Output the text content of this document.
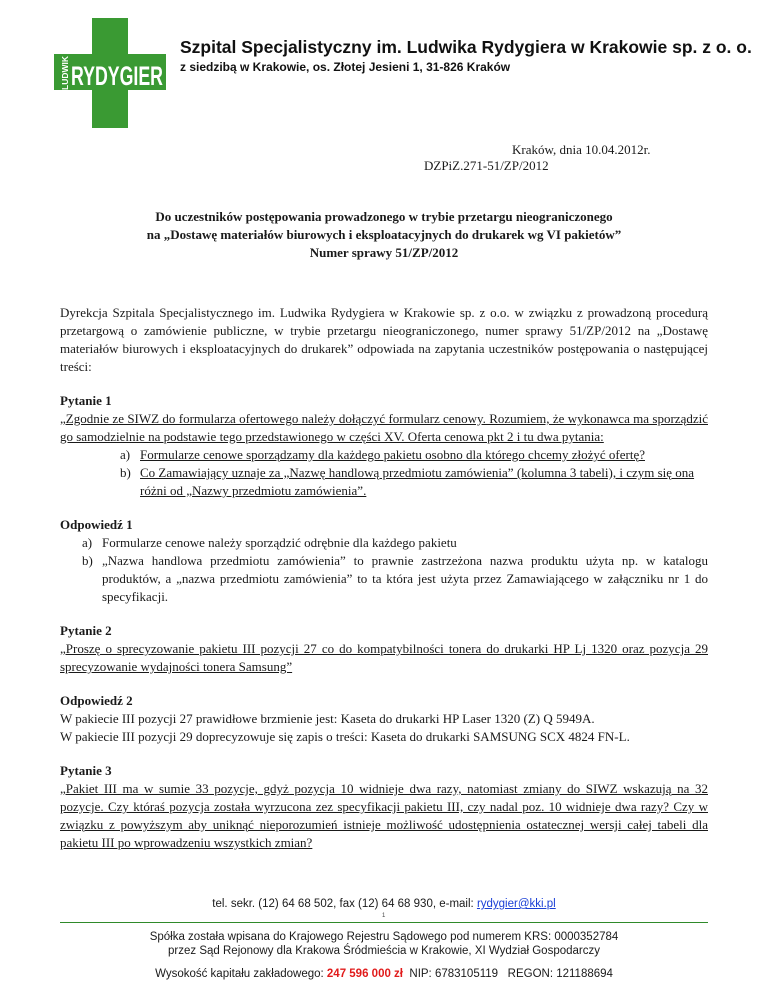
LUDWIK RYDYGIER
Szpital Specjalistyczny im. Ludwika Rydygiera w Krakowie sp. z o. o.
z siedzibą w Krakowie, os. Złotej Jesieni 1, 31-826 Kraków
Kraków, dnia 10.04.2012r.
DZPiZ.271-51/ZP/2012
Do uczestników postępowania prowadzonego w trybie przetargu nieograniczonego
na „Dostawę materiałów biurowych i eksploatacyjnych do drukarek wg VI pakietów”
Numer sprawy 51/ZP/2012

Dyrekcja Szpitala Specjalistycznego im. Ludwika Rydygiera w Krakowie sp. z o.o. w związku z prowadzoną procedurą przetargową o zamówienie publiczne, w trybie przetargu nieograniczonego, numer sprawy 51/ZP/2012 na „Dostawę materiałów biurowych i eksploatacyjnych do drukarek” odpowiada na zapytania uczestników postępowania o następującej treści:

Pytanie 1

„Zgodnie ze SIWZ do formularza ofertowego należy dołączyć formularz cenowy. Rozumiem, że wykonawca ma sporządzić go samodzielnie na podstawie tego przedstawionego w części XV. Oferta cenowa pkt 2 i tu dwa pytania:

a) Formularze cenowe sporządzamy dla każdego pakietu osobno dla którego chcemy złożyć ofertę?
b) Co Zamawiający uznaje za „Nazwę handlową przedmiotu zamówienia” (kolumna 3 tabeli), i czym się ona różni od „Nazwy przedmiotu zamówienia”.

Odpowiedź 1

a) Formularze cenowe należy sporządzić odrębnie dla każdego pakietu
b) „Nazwa handlowa przedmiotu zamówienia” to prawnie zastrzeżona nazwa produktu użyta np. w katalogu produktów, a „nazwa przedmiotu zamówienia” to ta która jest użyta przez Zamawiającego w załączniku nr 1 do specyfikacji.

Pytanie 2

„Proszę o sprecyzowanie pakietu III pozycji 27 co do kompatybilności tonera do drukarki HP Lj 1320 oraz pozycja 29 sprecyzowanie wydajności tonera Samsung”

Odpowiedź 2

W pakiecie III pozycji 27 prawidłowe brzmienie jest: Kaseta do drukarki HP Laser 1320 (Z) Q 5949A.

W pakiecie III pozycji 29 doprecyzowuje się zapis o treści: Kaseta do drukarki SAMSUNG SCX 4824 FN-L.

Pytanie 3

„Pakiet III ma w sumie 33 pozycje, gdyż pozycja 10 widnieje dwa razy, natomiast zmiany do SIWZ wskazują na 32 pozycje. Czy któraś pozycja została wyrzucona zez specyfikacji pakietu III, czy nadal poz. 10 widnieje dwa razy? Czy w związku z powyższym aby uniknąć nieporozumień istnieje możliwość udostępnienia ostatecznej wersji całej tabeli dla pakietu III po wprowadzeniu wszystkich zmian?

tel. sekr. (12) 64 68 502, fax (12) 64 68 930, e-mail: rydygier@kki.pl
1
Spółka została wpisana do Krajowego Rejestru Sądowego pod numerem KRS: 0000352784
przez Sąd Rejonowy dla Krakowa Śródmieścia w Krakowie, XI Wydział Gospodarczy
Wysokość kapitału zakładowego: 247 596 000 zł NIP: 6783105119 REGON: 121188694
